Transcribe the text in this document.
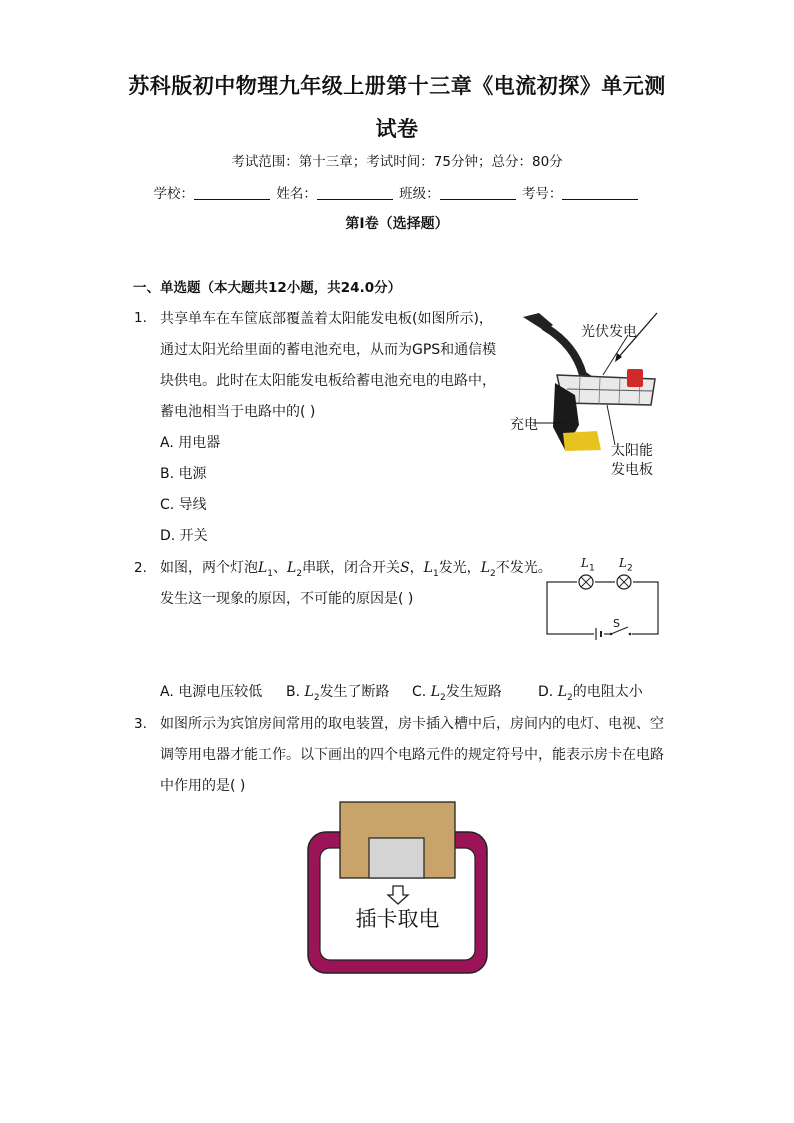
苏科版初中物理九年级上册第十三章《电流初探》单元测
试卷
考试范围：第十三章；考试时间：75分钟；总分：80分
学校：	姓名：	班级：	考号：
第I卷（选择题）
一、单选题（本大题共12小题，共24.0分）
1. 共享单车在车筐底部覆盖着太阳能发电板(如图所示)，
通过太阳光给里面的蓄电池充电，从而为GPS和通信模
块供电。此时在太阳能发电板给蓄电池充电的电路中，
蓄电池相当于电路中的( )
A. 用电器
B. 电源
C. 导线
D. 开关
光伏发电
充电
太阳能
发电板
2. 如图，两个灯泡$L_1$、$L_2$串联，闭合开关S，$L_1$发光，$L_2$不发光。
发生这一现象的原因，不可能的原因是( )
$L_1$ $L_2$
S
A. 电源电压较低 B. $L_2$发生了断路 C. $L_2$发生短路	D. $L_2$的电阻太小
3. 如图所示为宾馆房间常用的取电装置，房卡插入槽中后，房间内的电灯、电视、空
调等用电器才能工作。以下画出的四个电路元件的规定符号中，能表示房卡在电路
中作用的是( )
插卡取电
